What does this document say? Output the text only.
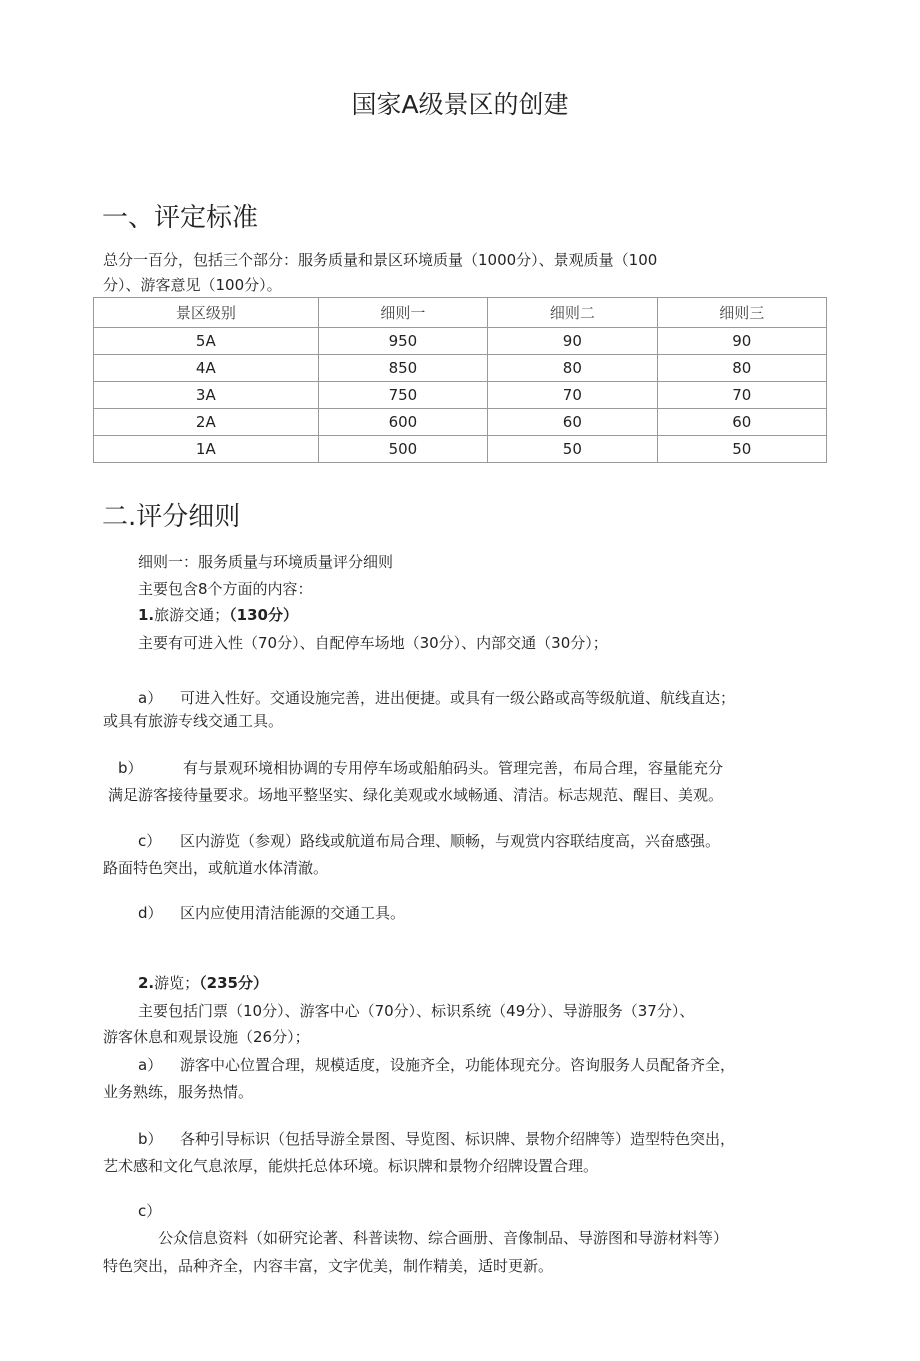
国家A级景区的创建
一、评定标准
总分一百分，包括三个部分：服务质量和景区环境质量（1000分）、景观质量（100
分）、游客意见（100分）。
景区级别	细则一	细则二	细则三
5A	950	90	90
4A	850	80	80
3A	750	70	70
2A	600	60	60
1A	500	50	50
二.评分细则
细则一：服务质量与环境质量评分细则
主要包含8个方面的内容：
1.旅游交通；（130分）
主要有可进入性（70分）、自配停车场地（30分）、内部交通（30分）；
a） 可进入性好。交通设施完善，进出便捷。或具有一级公路或高等级航道、航线直达；
或具有旅游专线交通工具。
b）	有与景观环境相协调的专用停车场或船舶码头。管理完善，布局合理，容量能充分
满足游客接待量要求。场地平整坚实、绿化美观或水域畅通、清洁。标志规范、醒目、美观。
c） 区内游览（参观）路线或航道布局合理、顺畅，与观赏内容联结度高，兴奋感强。
路面特色突出，或航道水体清澈。
d） 区内应使用清洁能源的交通工具。
2.游览；（235分）
主要包括门票（10分）、游客中心（70分）、标识系统（49分）、导游服务（37分）、
游客休息和观景设施（26分）；
a） 游客中心位置合理，规模适度，设施齐全，功能体现充分。咨询服务人员配备齐全，
业务熟练，服务热情。
b） 各种引导标识（包括导游全景图、导览图、标识牌、景物介绍牌等）造型特色突出，
艺术感和文化气息浓厚，能烘托总体环境。标识牌和景物介绍牌设置合理。
c）
公众信息资料（如研究论著、科普读物、综合画册、音像制品、导游图和导游材料等）
特色突出，品种齐全，内容丰富，文字优美，制作精美，适时更新。
